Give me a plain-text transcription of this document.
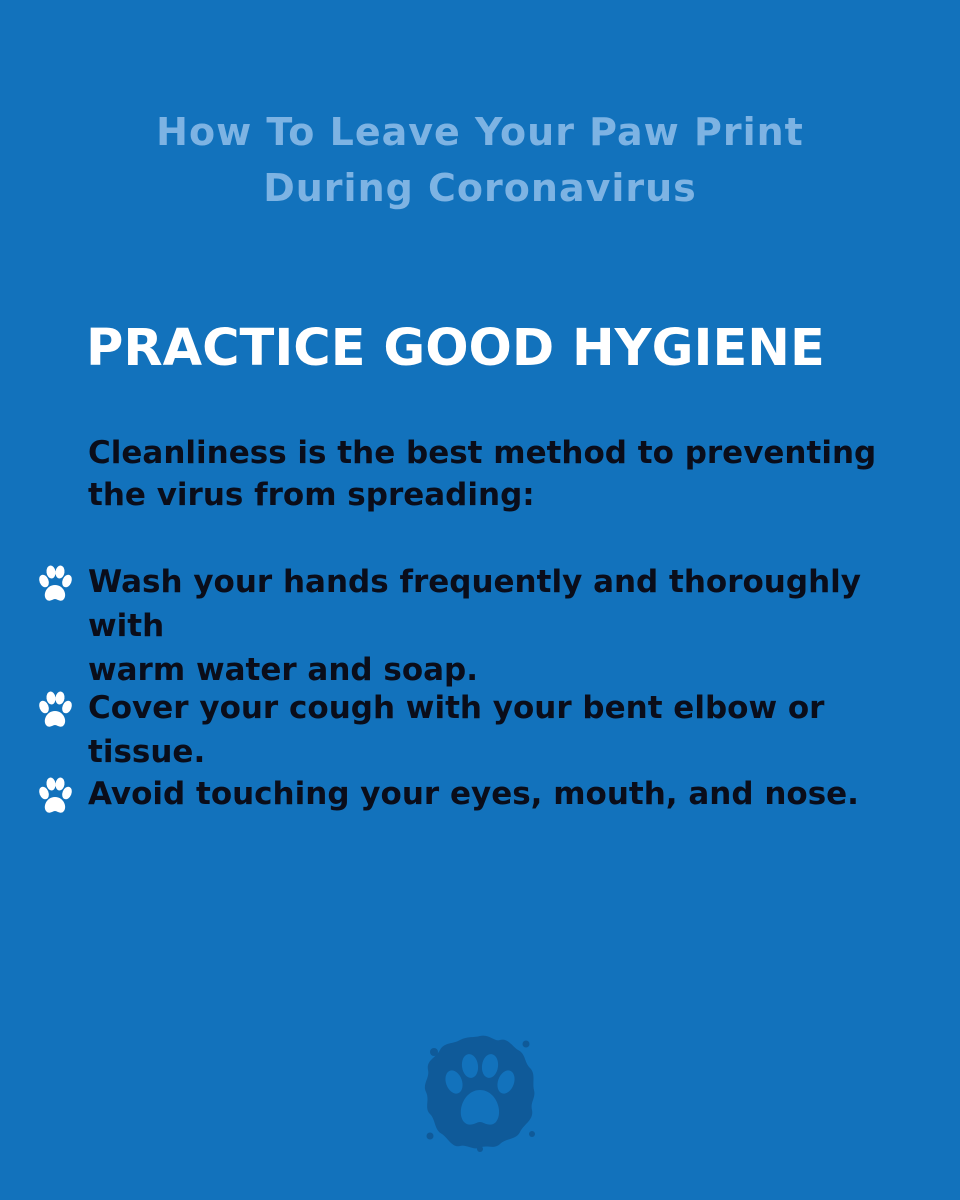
How To Leave Your Paw Print
During Coronavirus
PRACTICE GOOD HYGIENE

Cleanliness is the best method to preventing the virus from spreading:

Wash your hands frequently and thoroughly with
warm water and soap.
Cover your cough with your bent elbow or tissue.
Avoid touching your eyes, mouth, and nose.
